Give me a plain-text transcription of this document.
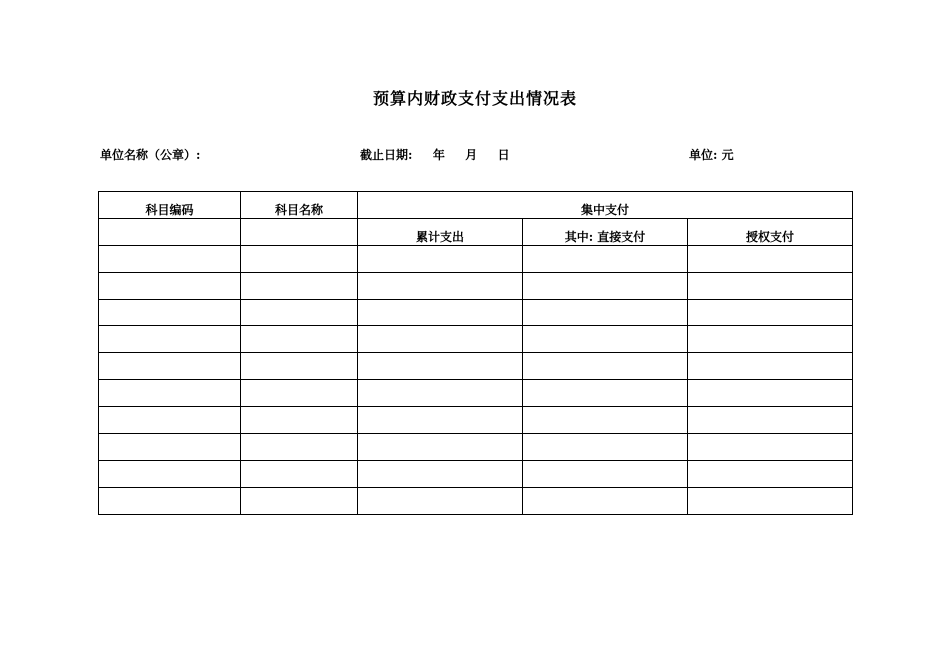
预算内财政支付支出情况表
单位名称（公章）:	截止日期: 年 月 日	单位: 元
科目编码	科目名称	集中支付		
		累计支出	其中: 直接支付	授权支付
